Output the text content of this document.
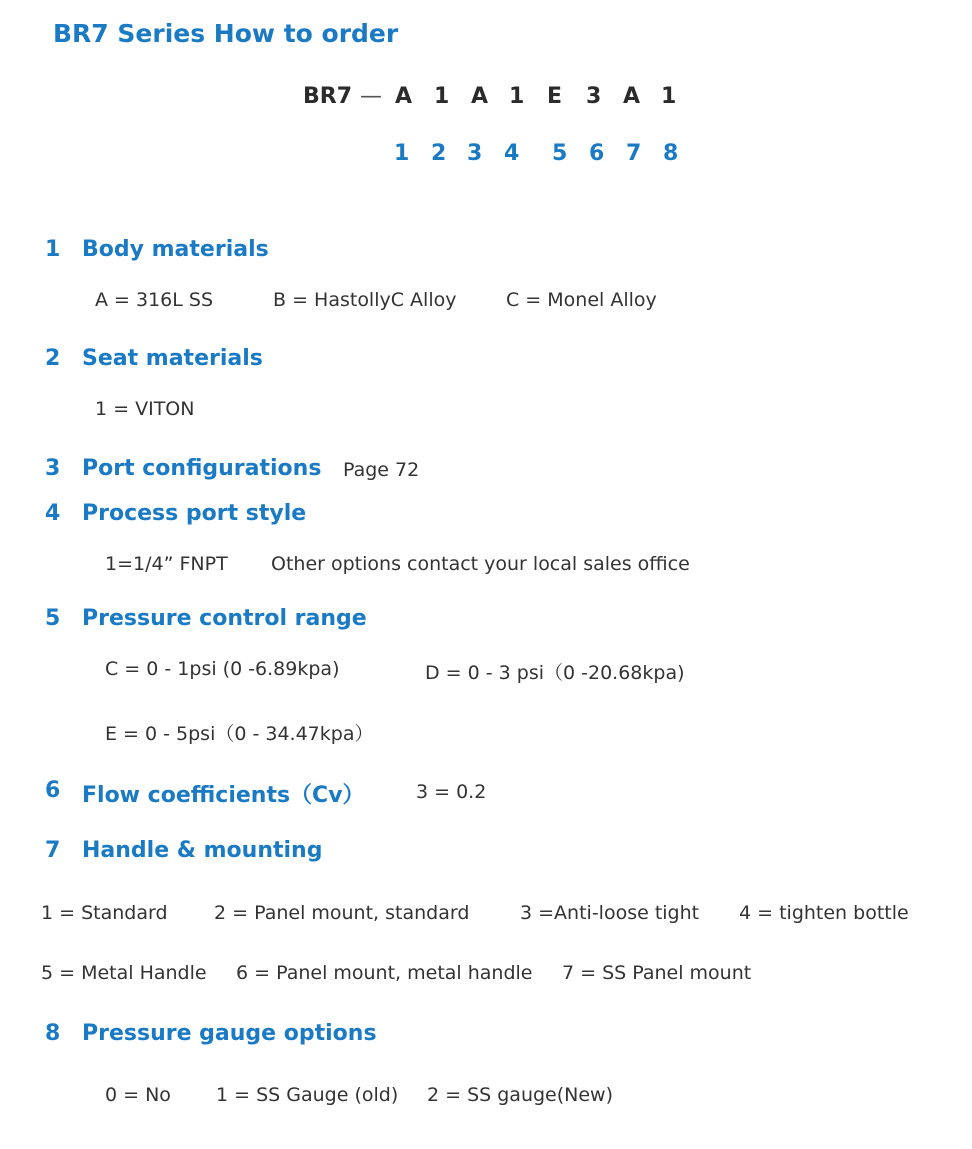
BR7 Series How to order
BR7 — A 1 A 1 E 3 A 1
1 2 3 4 5 6 7 8
1 Body materials
A = 316L SS	B = HastollyC Alloy	C = Monel Alloy
2 Seat materials
1 = VITON
3 Port configurations Page 72
4 Process port style
1=1/4” FNPT Other options contact your local sales office
5 Pressure control range
C = 0 - 1psi (0 -6.89kpa)	D = 0 - 3 psi（0 -20.68kpa)
E = 0 - 5psi（0 - 34.47kpa）
6 Flow coefficients（Cv）	3 = 0.2
7 Handle & mounting
1 = Standard 2 = Panel mount, standard	3 =Anti-loose tight 4 = tighten bottle
5 = Metal Handle 6 = Panel mount, metal handle 7 = SS Panel mount
8 Pressure gauge options
0 = No 1 = SS Gauge (old) 2 = SS gauge(New)
